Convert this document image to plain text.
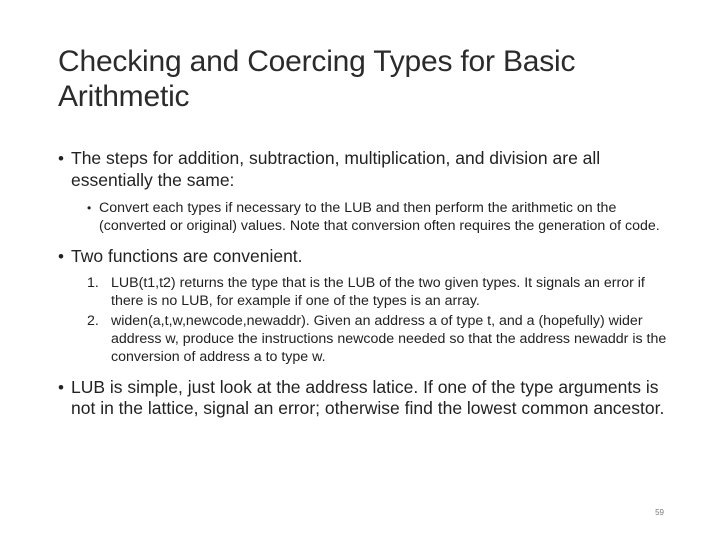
Checking and Coercing Types for Basic Arithmetic
• The steps for addition, subtraction, multiplication, and division are all essentially the same:
• Convert each types if necessary to the LUB and then perform the arithmetic on the (converted or original) values. Note that conversion often requires the generation of code.
• Two functions are convenient.
1. LUB(t1,t2) returns the type that is the LUB of the two given types. It signals an error if there is no LUB, for example if one of the types is an array.
2. widen(a,t,w,newcode,newaddr). Given an address a of type t, and a (hopefully) wider address w, produce the instructions newcode needed so that the address newaddr is the conversion of address a to type w.
• LUB is simple, just look at the address latice. If one of the type arguments is not in the lattice, signal an error; otherwise find the lowest common ancestor.
59
